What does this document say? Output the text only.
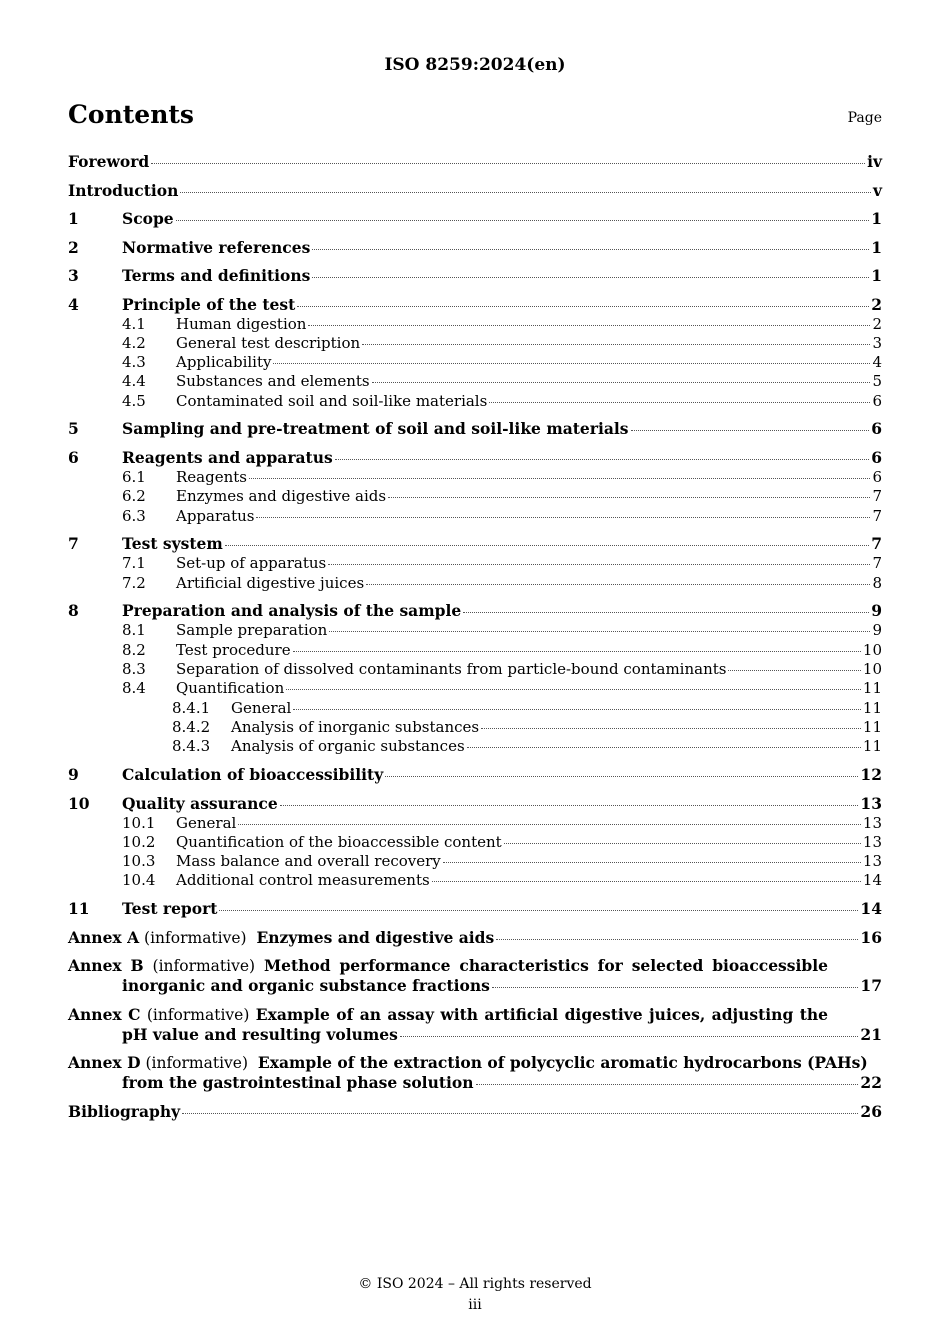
ISO 8259:2024(en)
Contents	Page
Foreword	iv
Introduction	v
1	Scope	1
2	Normative references	1
3	Terms and definitions	1
4	Principle of the test	2
4.1	Human digestion	2
4.2	General test description	3
4.3	Applicability	4
4.4	Substances and elements	5
4.5	Contaminated soil and soil-like materials	6
5	Sampling and pre-treatment of soil and soil-like materials	6
6	Reagents and apparatus	6
6.1	Reagents	6
6.2	Enzymes and digestive aids	7
6.3	Apparatus	7
7	Test system	7
7.1	Set-up of apparatus	7
7.2	Artificial digestive juices	8
8	Preparation and analysis of the sample	9
8.1	Sample preparation	9
8.2	Test procedure	10
8.3	Separation of dissolved contaminants from particle-bound contaminants	10
8.4	Quantification	11
8.4.1	General	11
8.4.2	Analysis of inorganic substances	11
8.4.3	Analysis of organic substances	11
9	Calculation of bioaccessibility	12
10	Quality assurance	13
10.1	General	13
10.2	Quantification of the bioaccessible content	13
10.3	Mass balance and overall recovery	13
10.4	Additional control measurements	14
11	Test report	14
Annex A (informative) Enzymes and digestive aids	16
Annex B (informative) Method performance characteristics for selected bioaccessible
inorganic and organic substance fractions	17
Annex C (informative) Example of an assay with artificial digestive juices, adjusting the
pH value and resulting volumes	21
Annex D (informative) Example of the extraction of polycyclic aromatic hydrocarbons (PAHs)
from the gastrointestinal phase solution	22
Bibliography	26
© ISO 2024 – All rights reserved
iii
